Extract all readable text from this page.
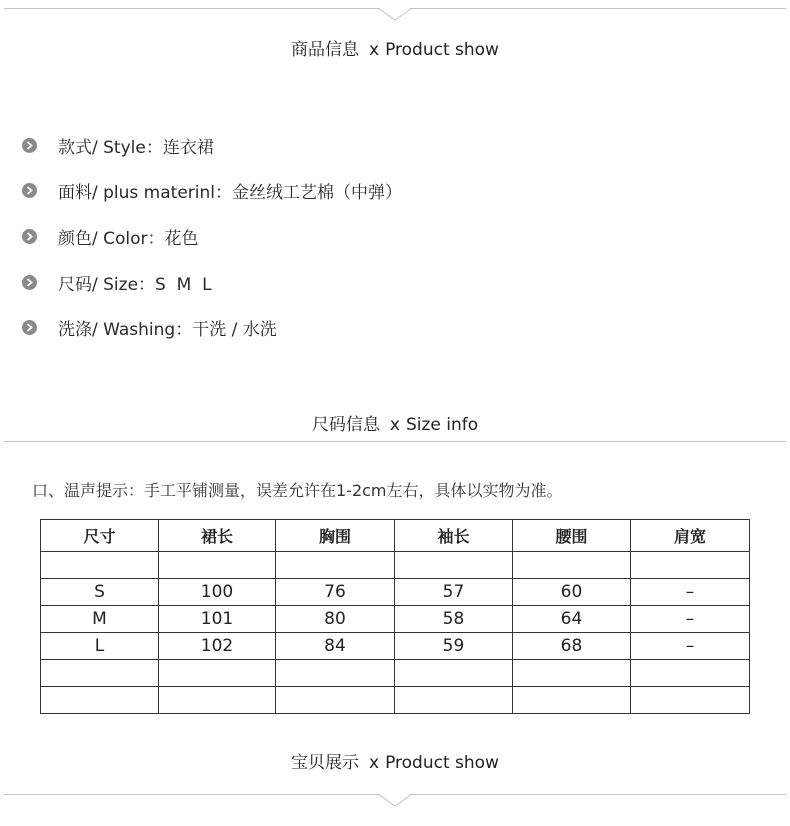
商品信息 x Product show
款式/ Style：连衣裙
面料/ plus materinl：金丝绒工艺棉（中弹）
颜色/ Color：花色
尺码/ Size：S  M  L
洗涤/ Washing：干洗 / 水洗
尺码信息 x Size info
口、温声提示：手工平铺测量，误差允许在1-2cm左右，具体以实物为准。
尺寸	裙长	胸围	袖长	腰围	肩宽

S	100	76	57	60	–
M	101	80	58	64	–
L	102	84	59	68	–

宝贝展示 x Product show
